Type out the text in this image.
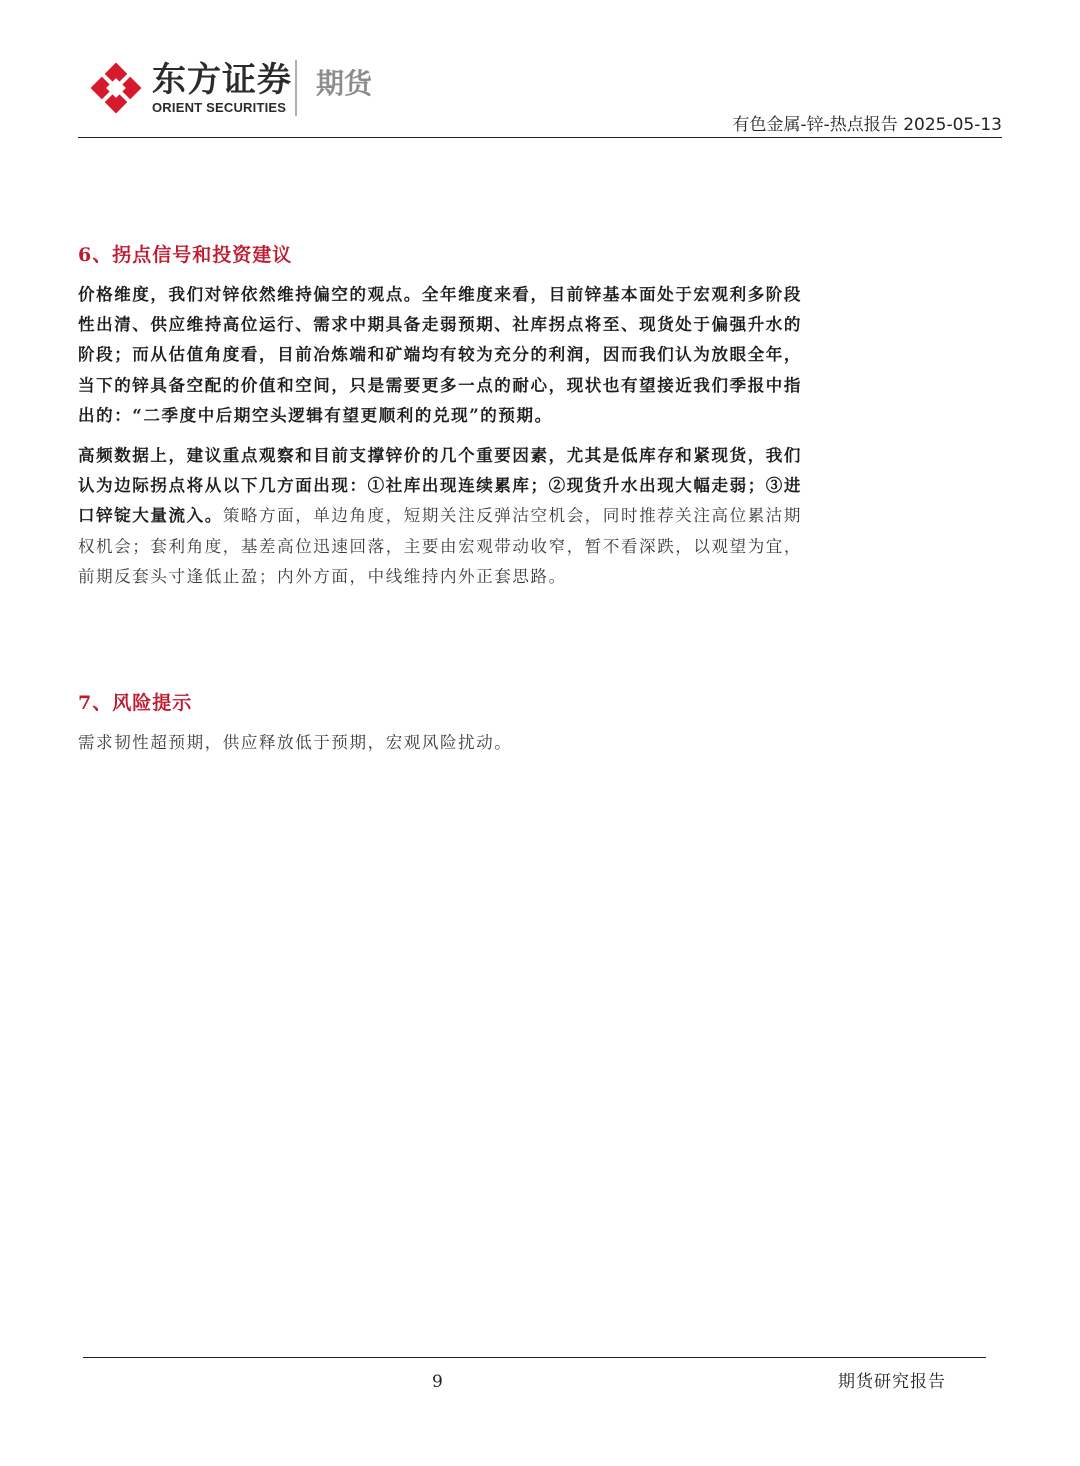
东方证券
ORIENT SECURITIES
期货
有色金属-锌-热点报告 2025-05-13
6、拐点信号和投资建议

价格维度，我们对锌依然维持偏空的观点。全年维度来看，目前锌基本面处于宏观利多阶段性出清、供应维持高位运行、需求中期具备走弱预期、社库拐点将至、现货处于偏强升水的阶段；而从估值角度看，目前冶炼端和矿端均有较为充分的利润，因而我们认为放眼全年，当下的锌具备空配的价值和空间，只是需要更多一点的耐心，现状也有望接近我们季报中指出的：“二季度中后期空头逻辑有望更顺利的兑现”的预期。

高频数据上，建议重点观察和目前支撑锌价的几个重要因素，尤其是低库存和紧现货，我们认为边际拐点将从以下几方面出现：①社库出现连续累库；②现货升水出现大幅走弱；③进口锌锭大量流入。策略方面，单边角度，短期关注反弹沽空机会，同时推荐关注高位累沽期权机会；套利角度，基差高位迅速回落，主要由宏观带动收窄，暂不看深跌，以观望为宜，前期反套头寸逢低止盈；内外方面，中线维持内外正套思路。

7、风险提示

需求韧性超预期，供应释放低于预期，宏观风险扰动。

9	期货研究报告
